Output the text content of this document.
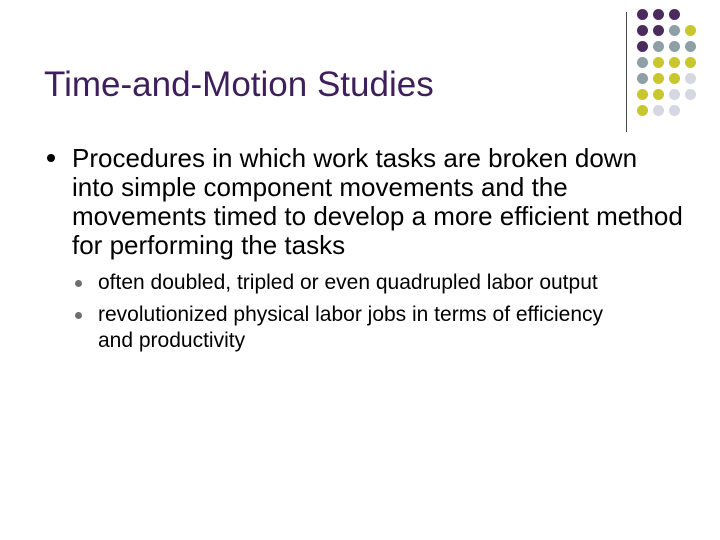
Time-and-Motion Studies
Procedures in which work tasks are broken down into simple component movements and the movements timed to develop a more efficient method for performing the tasks
often doubled, tripled or even quadrupled labor output
revolutionized physical labor jobs in terms of efficiency and productivity
